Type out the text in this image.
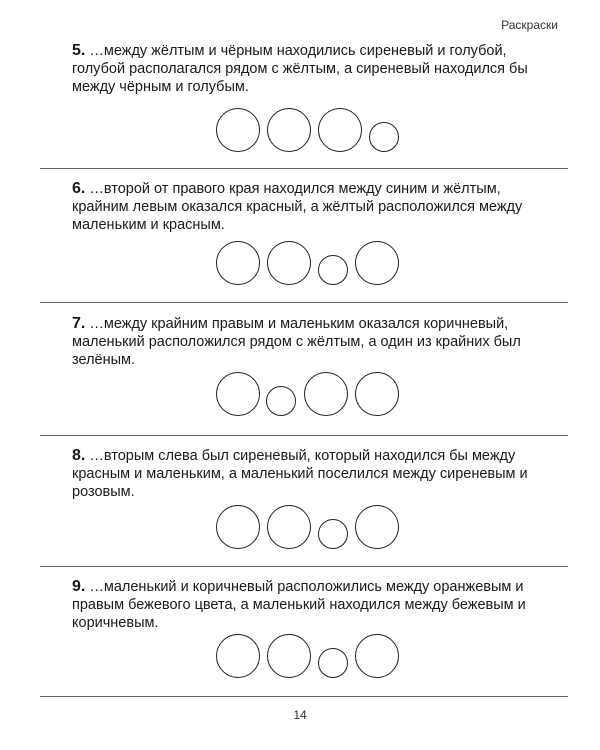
Раскраски

5. …между жёлтым и чёрным находились сиреневый и голубой, голубой располагался рядом с жёлтым, а сиреневый находился бы между чёрным и голубым.

6. …второй от правого края находился между синим и жёлтым, крайним левым оказался красный, а жёлтый расположился между маленьким и красным.

7. …между крайним правым и маленьким оказался коричневый, маленький расположился рядом с жёлтым, а один из крайних был зелёным.

8. …вторым слева был сиреневый, который находился бы между красным и маленьким, а маленький поселился между сиреневым и розовым.

9. …маленький и коричневый расположились между оранжевым и правым бежевого цвета, а маленький находился между бежевым и коричневым.

14
